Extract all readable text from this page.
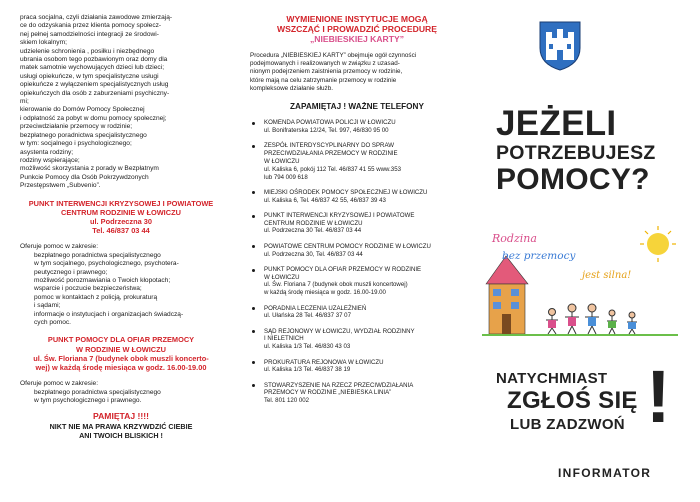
praca socjalna, czyli działania zawodowe zmierzają-
ce do odzyskania przez klienta pomocy społecz-
nej pełnej samodzielności integracji ze środowi-
skiem lokalnym;
udzielenie schronienia , posiłku i niezbędnego
ubrania osobom tego pozbawionym oraz domy dla
matek samotnie wychowujących dzieci lub dzieci;
usługi opiekuńcze, w tym specjalistyczne usługi
opiekuńcze z wyłączeniem specjalistycznych usług
opiekuńczych dla osób z zaburzeniami psychiczny-
mi;
kierowanie do Domów Pomocy Społecznej
i odpłatność za pobyt w domu pomocy społecznej;
przeciwdziałanie przemocy w rodzinie;
bezpłatnego poradnictwa specjalistycznego
w tym: socjalnego i psychologicznego;
asystenta rodziny;
rodziny wspierające;
możliwość skorzystania z porady w Bezpłatnym
Punkcie Pomocy dla Osób Pokrzywdzonych
Przestępstwem „Subvenio”.
PUNKT INTERWENCJI KRYZYSOWEJ I POWIATOWE
CENTRUM RODZINIE W ŁOWICZU
ul. Podrzeczna 30
Tel. 46/837 03 44
Oferuje pomoc w zakresie:
bezpłatnego poradnictwa specjalistycznego
w tym socjalnego, psychologicznego, psychotera-
peutycznego i prawnego;
możliwość porozmawiania o Twoich kłopotach;
wsparcie i poczucie bezpieczeństwa;
pomoc w kontaktach z policją, prokuraturą
i sądami;
informacje o instytucjach i organizacjach świadczą-
cych pomoc.
PUNKT POMOCY DLA OFIAR PRZEMOCY
W RODZINIE W ŁOWICZU
ul. Św. Floriana 7 (budynek obok muszli koncerto-
wej) w każdą środę miesiąca w godz. 16.00-19.00
Oferuje pomoc w zakresie:
bezpłatnego poradnictwa specjalistycznego
w tym psychologicznego i prawnego.
PAMIĘTAJ !!!!
NIKT NIE MA PRAWA KRZYWDZIĆ CIEBIE
ANI TWOICH BLISKICH !
WYMIENIONE INSTYTUCJE MOGĄ
WSZCZĄĆ I PROWADZIĆ PROCEDURĘ
„NIEBIESKIEJ KARTY”
Procedura „NIEBIESKIEJ KARTY” obejmuje ogół czynności
podejmowanych i realizowanych w związku z uzasad-
nionym podejrzeniem zaistnienia przemocy w rodzinie,
które mają na celu zatrzymanie przemocy w rodzinie
kompleksowe działanie służb.
ZAPAMIĘTAJ ! WAŻNE TELEFONY
KOMENDA POWIATOWA POLICJI W ŁOWICZU
ul. Bonifraterska 12/24, Tel. 997, 46/830 95 00
ZESPÓŁ INTERDYSCYPLINARNY DO SPRAW
PRZECIWDZIAŁANIA PRZEMOCY W RODZINIE
W ŁOWICZU
ul. Kaliska 6, pokój 112 Tel. 46/837 41 55 www.353
lub 794 009 618
MIEJSKI OŚRODEK POMOCY SPOŁECZNEJ W ŁOWICZU
ul. Kaliska 6, Tel. 46/837 42 55, 46/837 39 43
PUNKT INTERWENCJI KRYZYSOWEJ I POWIATOWE
CENTRUM RODZINIE W ŁOWICZU
ul. Podrzeczna 30 Tel. 46/837 03 44
POWIATOWE CENTRUM POMOCY RODZINIE W ŁOWICZU
ul. Podrzeczna 30, Tel. 46/837 03 44
PUNKT POMOCY DLA OFIAR PRZEMOCY W RODZINIE
W ŁOWICZU
ul. Św. Floriana 7 (budynek obok muszli koncertowej)
w każdą środę miesiąca w godz. 16.00-19.00
PORADNIA LECZENIA UZALEŻNIEŃ
ul. Ułańska 28 Tel. 46/837 37 07
SĄD REJONOWY W ŁOWICZU, WYDZIAŁ RODZINNY
I NIELETNICH
ul. Kaliska 1/3 Tel. 46/830 43 03
PROKURATURA REJONOWA W ŁOWICZU
ul. Kaliska 1/3 Tel. 46/837 38 19
STOWARZYSZENIE NA RZECZ PRZECIWDZIAŁANIA
PRZEMOCY W RODZINIE „NIEBIESKA LINIA”
Tel. 801 120 002
JEŻELI
POTRZEBUJESZ
POMOCY?
Rodzina
bez przemocy
jest silna!
NATYCHMIAST
ZGŁOŚ SIĘ
LUB ZADZWOŃ !
INFORMATOR
